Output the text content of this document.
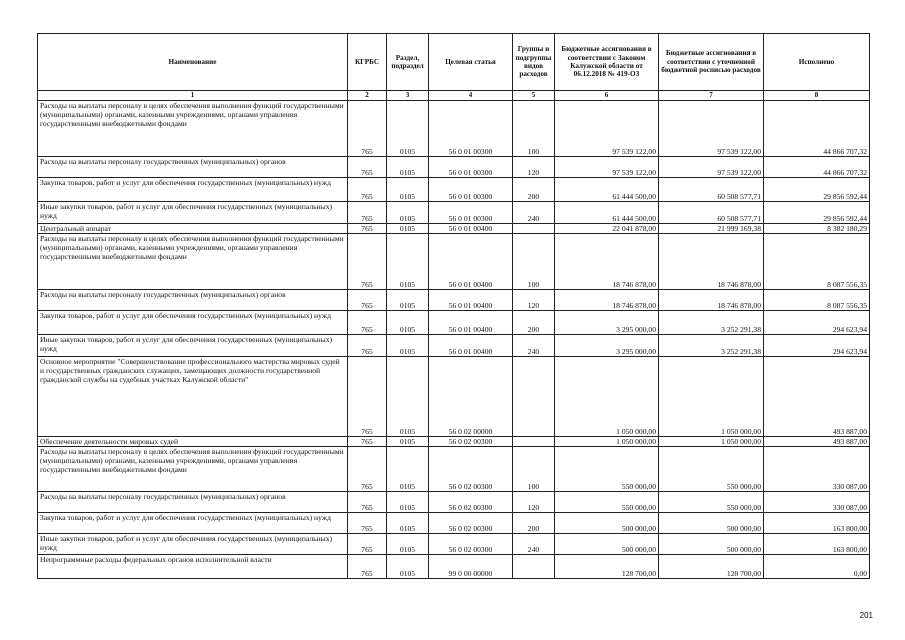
Наименование	КГРБС	Раздел, подраздел	Целевая статья	Группы и подгруппы видов расходов	Бюджетные ассигнования в соответствии с Законом Калужской области от 06.12.2018 № 419-ОЗ	Бюджетные ассигнования в соответствии с уточненной бюджетной росписью расходов	Исполнено
1	2	3	4	5	6	7	8
Расходы на выплаты персоналу в целях обеспечения выполнения функций государственными (муниципальными) органами, казенными учреждениями, органами управления государственными внебюджетными фондами	765	0105	56 0 01 00300	100	97 539 122,00	97 539 122,00	44 866 707,32
Расходы на выплаты персоналу государственных (муниципальных) органов	765	0105	56 0 01 00300	120	97 539 122,00	97 539 122,00	44 866 707,32
Закупка товаров, работ и услуг для обеспечения государственных (муниципальных) нужд	765	0105	56 0 01 00300	200	61 444 500,00	60 508 577,71	29 856 592,44
Иные закупки товаров, работ и услуг для обеспечения государственных (муниципальных) нужд	765	0105	56 0 01 00300	240	61 444 500,00	60 508 577,71	29 856 592,44
Центральный аппарат	765	0105	56 0 01 00400		22 041 878,00	21 999 169,38	8 382 180,29
Расходы на выплаты персоналу в целях обеспечения выполнения функций государственными (муниципальными) органами, казенными учреждениями, органами управления государственными внебюджетными фондами	765	0105	56 0 01 00400	100	18 746 878,00	18 746 878,00	8 087 556,35
Расходы на выплаты персоналу государственных (муниципальных) органов	765	0105	56 0 01 00400	120	18 746 878,00	18 746 878,00	8 087 556,35
Закупка товаров, работ и услуг для обеспечения государственных (муниципальных) нужд	765	0105	56 0 01 00400	200	3 295 000,00	3 252 291,38	294 623,94
Иные закупки товаров, работ и услуг для обеспечения государственных (муниципальных) нужд	765	0105	56 0 01 00400	240	3 295 000,00	3 252 291,38	294 623,94
Основное мероприятие "Совершенствование профессионального мастерства мировых судей и государственных гражданских служащих, замещающих должности государственной гражданской службы на судебных участках Калужской области"	765	0105	56 0 02 00000		1 050 000,00	1 050 000,00	493 887,00
Обеспечение деятельности мировых судей	765	0105	56 0 02 00300		1 050 000,00	1 050 000,00	493 887,00
Расходы на выплаты персоналу в целях обеспечения выполнения функций государственными (муниципальными) органами, казенными учреждениями, органами управления государственными внебюджетными фондами	765	0105	56 0 02 00300	100	550 000,00	550 000,00	330 087,00
Расходы на выплаты персоналу государственных (муниципальных) органов	765	0105	56 0 02 00300	120	550 000,00	550 000,00	330 087,00
Закупка товаров, работ и услуг для обеспечения государственных (муниципальных) нужд	765	0105	56 0 02 00300	200	500 000,00	500 000,00	163 800,00
Иные закупки товаров, работ и услуг для обеспечения государственных (муниципальных) нужд	765	0105	56 0 02 00300	240	500 000,00	500 000,00	163 800,00
Непрограммные расходы федеральных органов исполнительной власти	765	0105	99 0 00 00000		128 700,00	128 700,00	0,00
201
